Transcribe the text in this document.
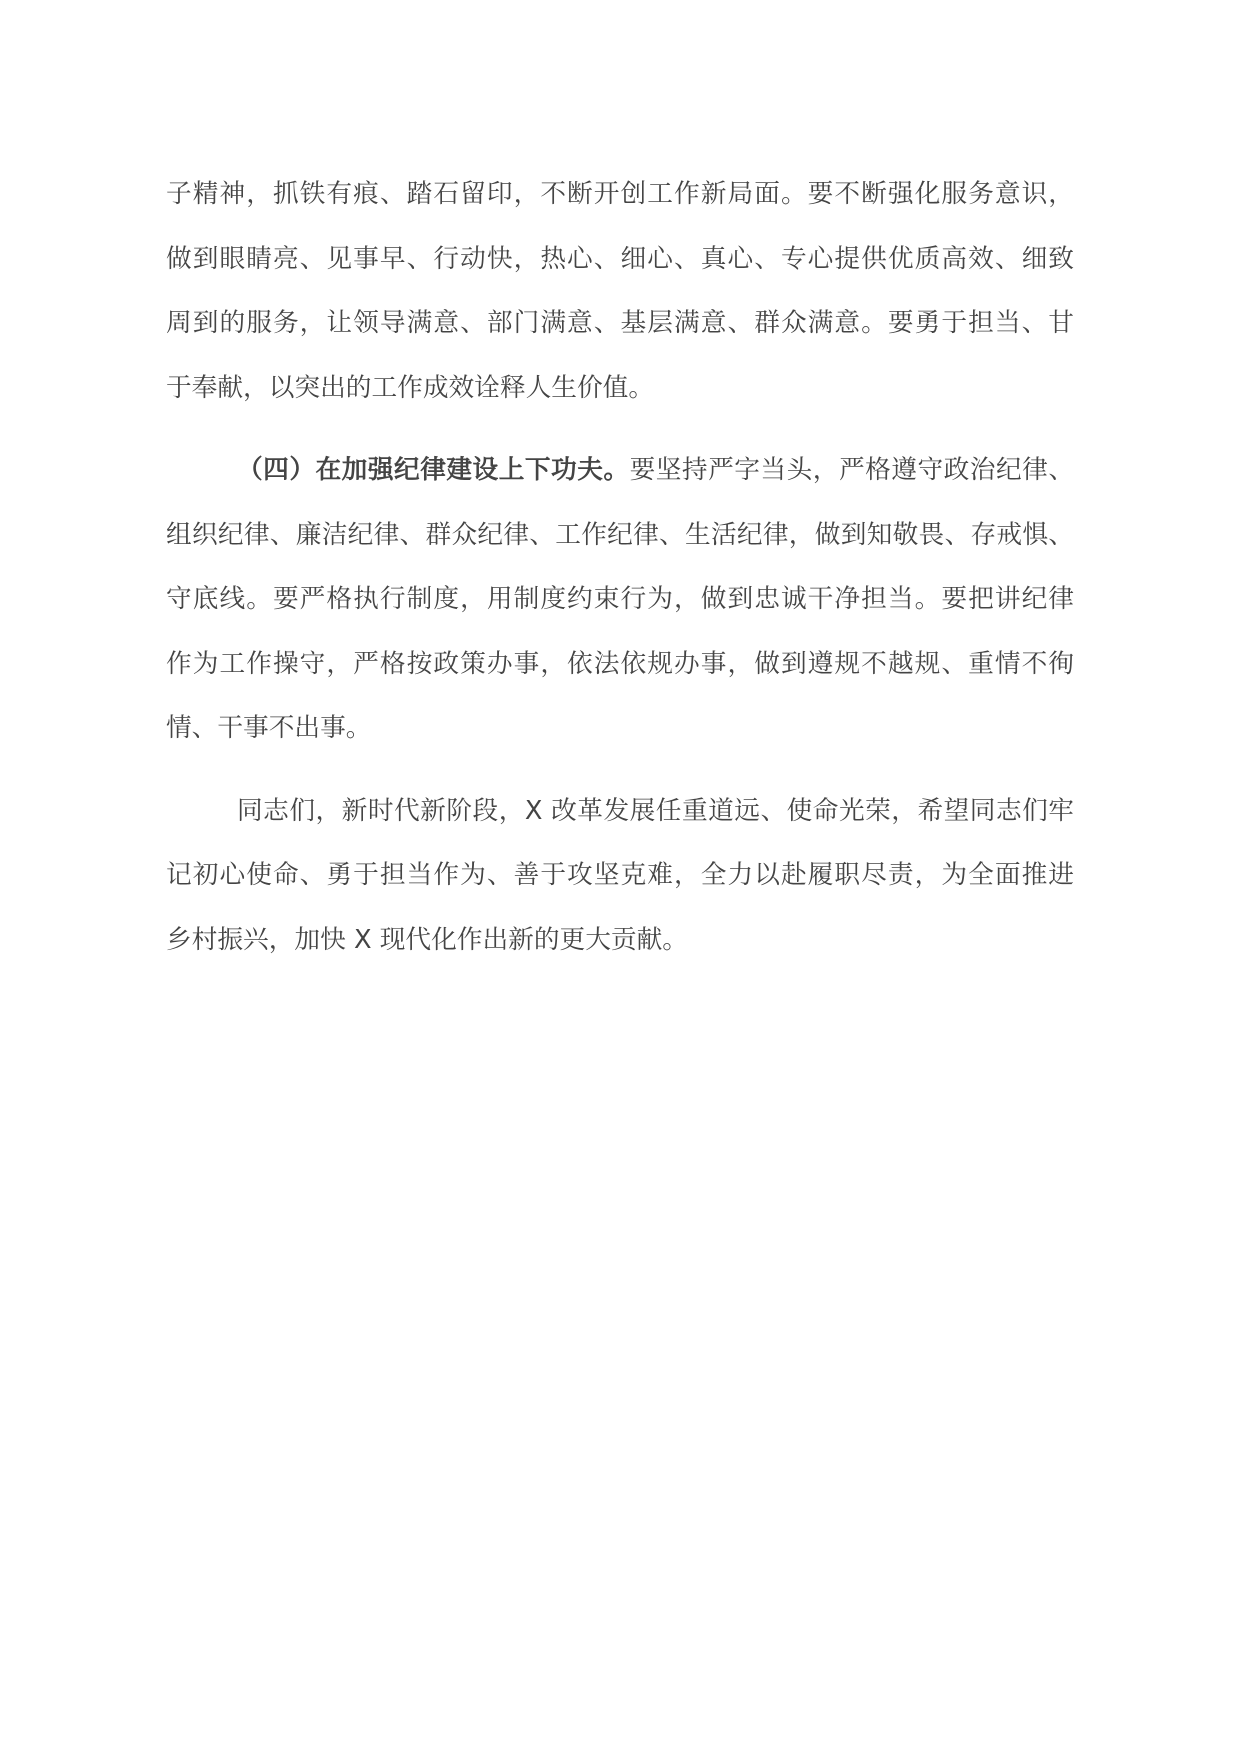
子精神，抓铁有痕、踏石留印，不断开创工作新局面。要不断强化服务意识，
做到眼睛亮、见事早、行动快，热心、细心、真心、专心提供优质高效、细致
周到的服务，让领导满意、部门满意、基层满意、群众满意。要勇于担当、甘
于奉献，以突出的工作成效诠释人生价值。

（四）在加强纪律建设上下功夫。要坚持严字当头，严格遵守政治纪律、
组织纪律、廉洁纪律、群众纪律、工作纪律、生活纪律，做到知敬畏、存戒惧、
守底线。要严格执行制度，用制度约束行为，做到忠诚干净担当。要把讲纪律
作为工作操守，严格按政策办事，依法依规办事，做到遵规不越规、重情不徇
情、干事不出事。

同志们，新时代新阶段，X 改革发展任重道远、使命光荣，希望同志们牢
记初心使命、勇于担当作为、善于攻坚克难，全力以赴履职尽责，为全面推进
乡村振兴，加快 X 现代化作出新的更大贡献。
